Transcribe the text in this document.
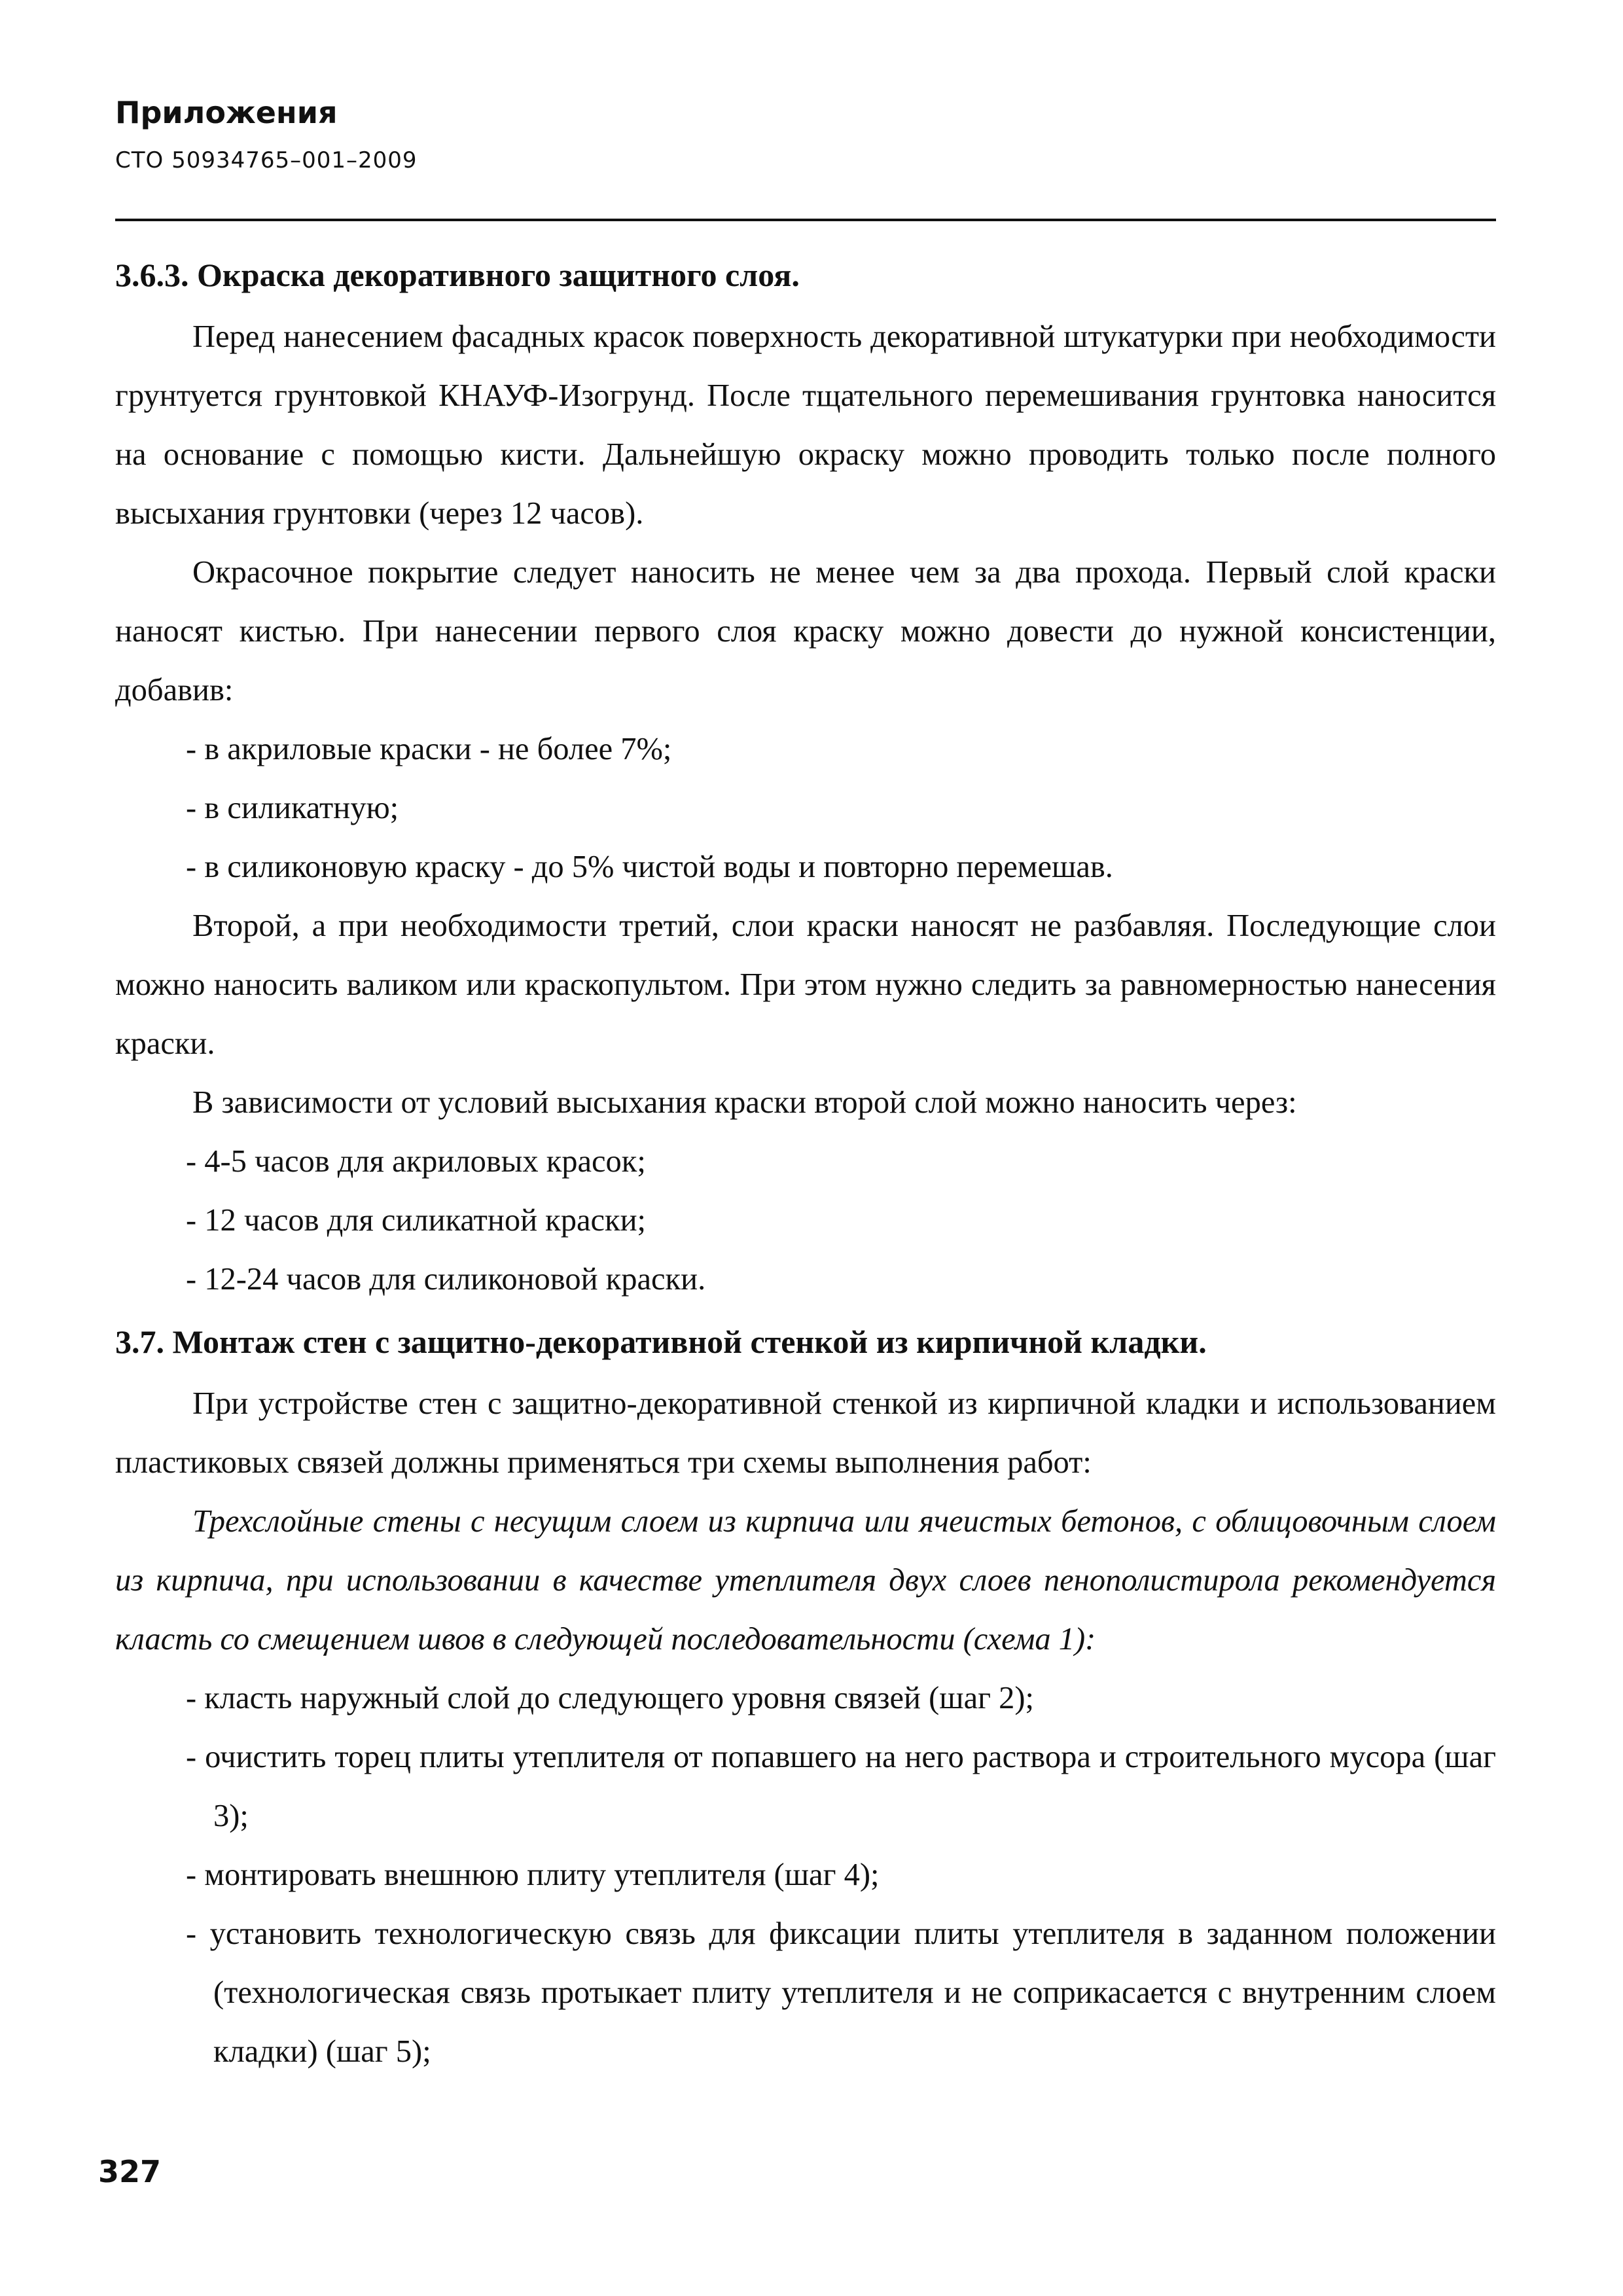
Приложения
СТО 50934765–001–2009

3.6.3. Окраска декоративного защитного слоя.

Перед нанесением фасадных красок поверхность декоративной штукатурки при необходимости грунтуется грунтовкой КНАУФ-Изогрунд. После тщательного перемешивания грунтовка наносится на основание с помощью кисти. Дальнейшую окраску можно проводить только после полного высыхания грунтовки (через 12 часов).

Окрасочное покрытие следует наносить не менее чем за два прохода. Первый слой краски наносят кистью. При нанесении первого слоя краску можно довести до нужной консистенции, добавив:

- в акриловые краски - не более 7%;

- в силикатную;

- в силиконовую краску - до 5% чистой воды и повторно перемешав.

Второй, а при необходимости третий, слои краски наносят не разбавляя. Последующие слои можно наносить валиком или краскопультом. При этом нужно следить за равномерностью нанесения краски.

В зависимости от условий высыхания краски второй слой можно наносить через:

- 4-5 часов для акриловых красок;

- 12 часов для силикатной краски;

- 12-24 часов для силиконовой краски.

3.7. Монтаж стен с защитно-декоративной стенкой из кирпичной кладки.

При устройстве стен с защитно-декоративной стенкой из кирпичной кладки и использованием пластиковых связей должны применяться три схемы выполнения работ:

Трехслойные стены с несущим слоем из кирпича или ячеистых бетонов, с облицовочным слоем из кирпича, при использовании в качестве утеплителя двух слоев пенополистирола рекомендуется класть со смещением швов в следующей последовательности (схема 1):

- класть наружный слой до следующего уровня связей (шаг 2);

- очистить торец плиты утеплителя от попавшего на него раствора и строительного мусора (шаг 3);

- монтировать внешнюю плиту утеплителя (шаг 4);

- установить технологическую связь для фиксации плиты утеплителя в заданном положении (технологическая связь протыкает плиту утеплителя и не соприкасается с внутренним слоем кладки) (шаг 5);

327
